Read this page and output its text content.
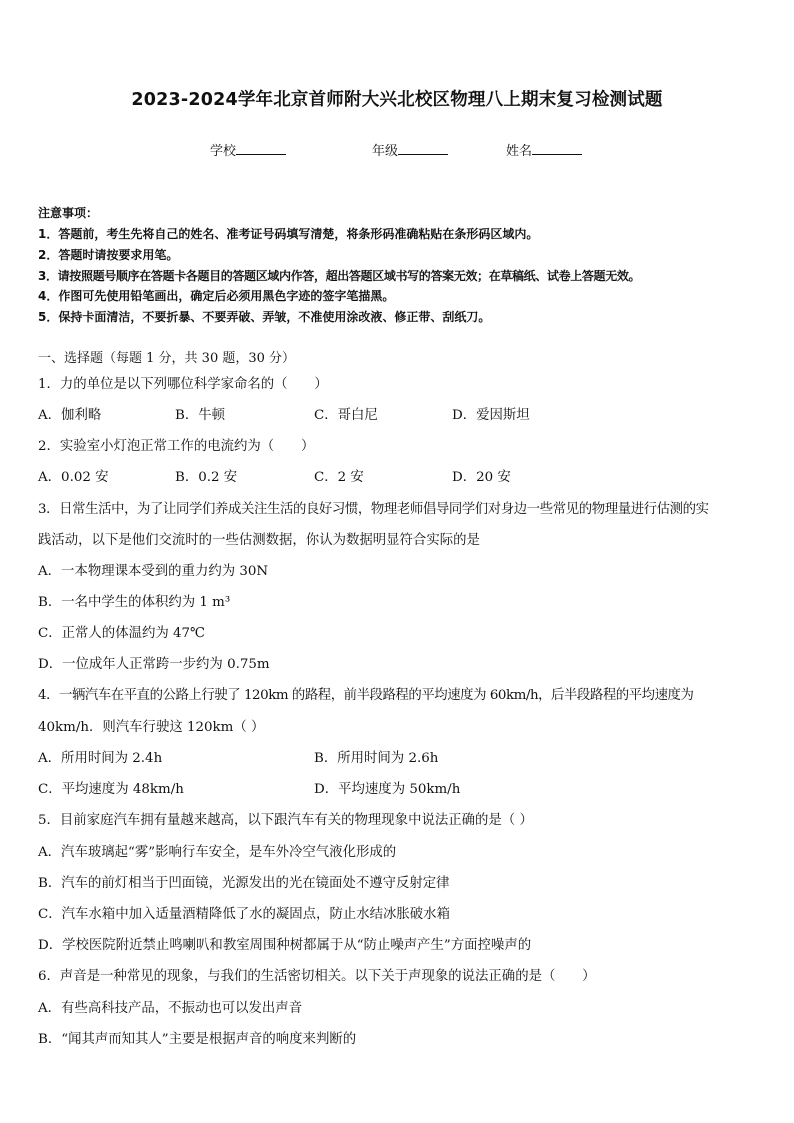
2023-2024学年北京首师附大兴北校区物理八上期末复习检测试题
学校	年级	姓名
注意事项：
1．答题前，考生先将自己的姓名、准考证号码填写清楚，将条形码准确粘贴在条形码区域内。
2．答题时请按要求用笔。
3．请按照题号顺序在答题卡各题目的答题区域内作答，超出答题区域书写的答案无效；在草稿纸、试卷上答题无效。
4．作图可先使用铅笔画出，确定后必须用黑色字迹的签字笔描黑。
5．保持卡面清洁，不要折暴、不要弄破、弄皱，不准使用涂改液、修正带、刮纸刀。
一、选择题（每题 1 分，共 30 题，30 分）
1．力的单位是以下列哪位科学家命名的（　　）
A．伽利略	B．牛顿	C．哥白尼	D．爱因斯坦
2．实验室小灯泡正常工作的电流约为（　　）
A．0.02 安	B．0.2 安	C．2 安	D．20 安
3．日常生活中，为了让同学们养成关注生活的良好习惯，物理老师倡导同学们对身边一些常见的物理量进行估测的实
践活动，以下是他们交流时的一些估测数据，你认为数据明显符合实际的是
A．一本物理课本受到的重力约为 30N
B．一名中学生的体积约为 1 m³
C．正常人的体温约为 47℃
D．一位成年人正常跨一步约为 0.75m
4．一辆汽车在平直的公路上行驶了 120km 的路程，前半段路程的平均速度为 60km/h，后半段路程的平均速度为
40km/h．则汽车行驶这 120km（ ）
A．所用时间为 2.4h	B．所用时间为 2.6h
C．平均速度为 48km/h	D．平均速度为 50km/h
5．目前家庭汽车拥有量越来越高，以下跟汽车有关的物理现象中说法正确的是（ ）
A．汽车玻璃起“雾”影响行车安全，是车外冷空气液化形成的
B．汽车的前灯相当于凹面镜，光源发出的光在镜面处不遵守反射定律
C．汽车水箱中加入适量酒精降低了水的凝固点，防止水结冰胀破水箱
D．学校医院附近禁止鸣喇叭和教室周围种树都属于从“防止噪声产生”方面控噪声的
6．声音是一种常见的现象，与我们的生活密切相关。以下关于声现象的说法正确的是（　　）
A．有些高科技产品，不振动也可以发出声音
B．“闻其声而知其人”主要是根据声音的响度来判断的
